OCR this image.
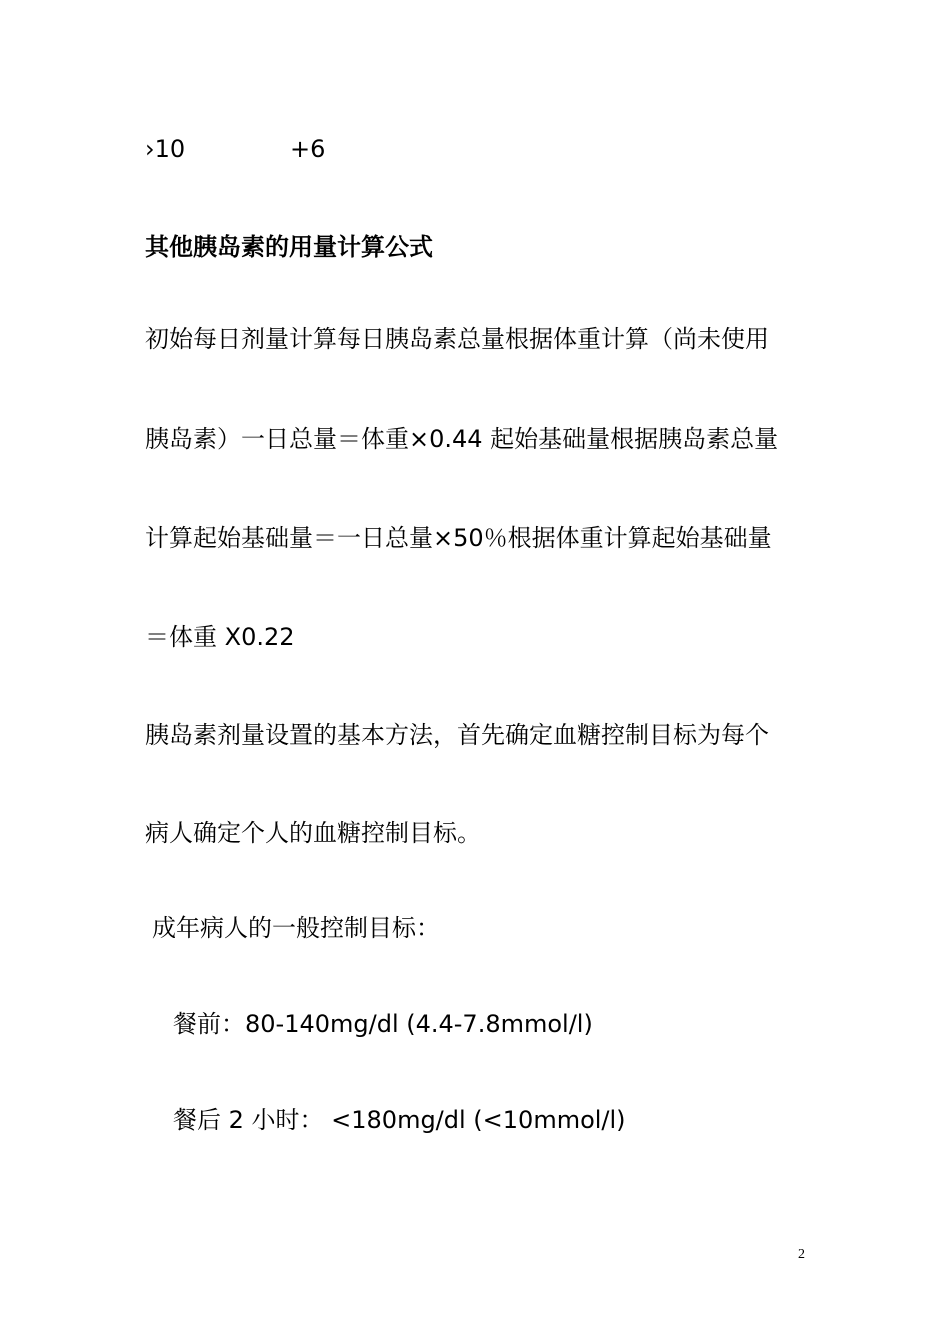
›10	+6
其他胰岛素的用量计算公式
初始每日剂量计算每日胰岛素总量根据体重计算（尚未使用
胰岛素）一日总量＝体重×0.44 起始基础量根据胰岛素总量
计算起始基础量＝一日总量×50％根据体重计算起始基础量
＝体重 X0.22
胰岛素剂量设置的基本方法，首先确定血糖控制目标为每个
病人确定个人的血糖控制目标。
成年病人的一般控制目标：
餐前：80-140mg/dl (4.4-7.8mmol/l)
餐后 2 小时： <180mg/dl (<10mmol/l)
2
